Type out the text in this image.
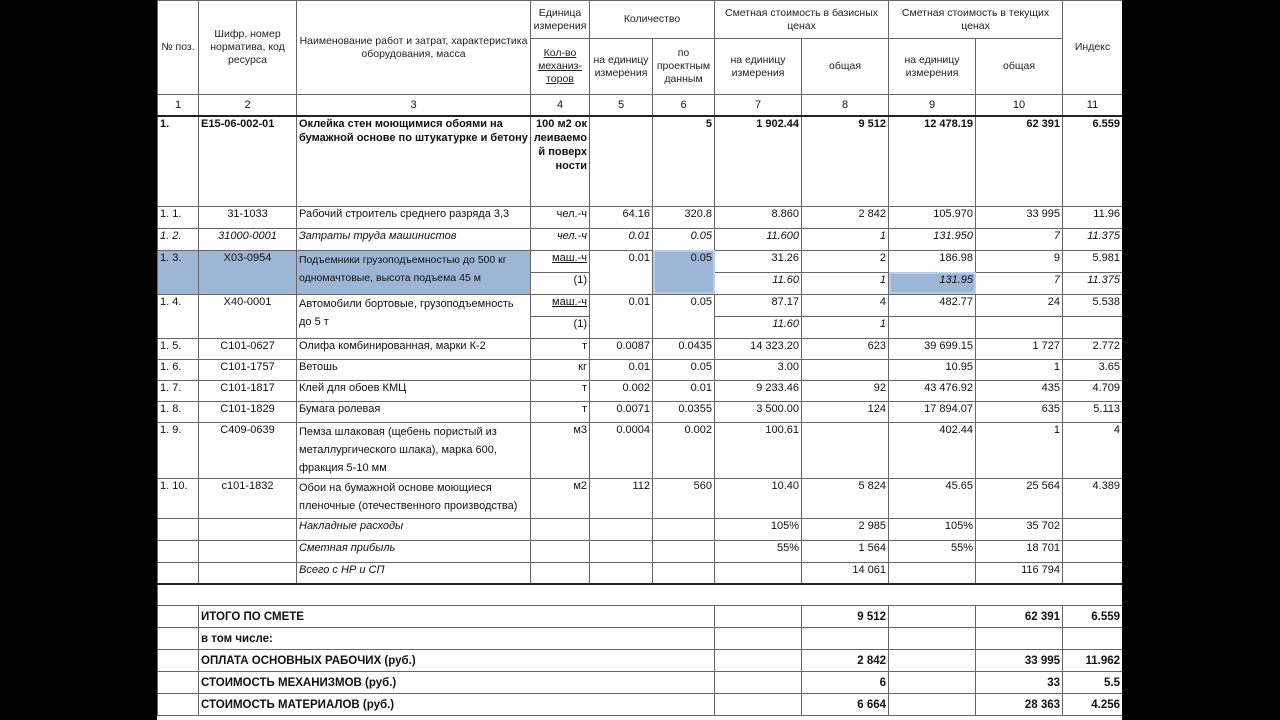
№ поз.	Шифр, номер норматива, код ресурса	Наименование работ и затрат, характеристика оборудования, масса	Единица измерения	Количество		Сметная стоимость в базисных ценах		Сметная стоимость в текущих ценах		Индекс
			Кол-во механиз-торов	на единицу измерения	по проектным данным	на единицу измерения	общая	на единицу измерения	общая	
1	2	3	4	5	6	7	8	9	10	11
1.	Е15-06-002-01	Оклейка стен моющимися обоями на бумажной основе по штукатурке и бетону	100 м2 оклеиваемой поверхности		5	1 902.44	9 512	12 478.19	62 391	6.559
1. 1.	31-1033	Рабочий строитель среднего разряда 3,3	чел.-ч	64.16	320.8	8.860	2 842	105.970	33 995	11.96
1. 2.	31000-0001	Затраты труда машинистов	чел.-ч	0.01	0.05	11.600	1	131.950	7	11.375
1. 3.	Х03-0954	Подъемники грузоподъемностью до 500 кг одномачтовые, высота подъема 45 м	маш.-ч	0.01	0.05	31.26	2	186.98	9	5.981
			(1)			11.60	1	131.95	7	11.375
1. 4.	Х40-0001	Автомобили бортовые, грузоподъемность до 5 т	маш.-ч	0.01	0.05	87.17	4	482.77	24	5.538
			(1)			11.60	1			
1. 5.	С101-0627	Олифа комбинированная, марки К-2	т	0.0087	0.0435	14 323.20	623	39 699.15	1 727	2.772
1. 6.	С101-1757	Ветошь	кг	0.01	0.05	3.00		10.95	1	3.65
1. 7.	С101-1817	Клей для обоев КМЦ	т	0.002	0.01	9 233.46	92	43 476.92	435	4.709
1. 8.	С101-1829	Бумага ролевая	т	0.0071	0.0355	3 500.00	124	17 894.07	635	5.113
1. 9.	С409-0639	Пемза шлаковая (щебень пористый из металлургического шлака), марка 600, фракция 5-10 мм	м3	0.0004	0.002	100.61		402.44	1	4
1. 10.	с101-1832	Обои на бумажной основе моющиеся пленочные (отечественного производства)	м2	112	560	10.40	5 824	45.65	25 564	4.389
		Накладные расходы				105%	2 985	105%	35 702	
		Сметная прибыль				55%	1 564	55%	18 701	
		Всего с НР и СП					14 061		116 794	

	ИТОГО ПО СМЕТЕ						9 512		62 391	6.559
	в том числе:									
	ОПЛАТА ОСНОВНЫХ РАБОЧИХ (руб.)						2 842		33 995	11.962
	СТОИМОСТЬ МЕХАНИЗМОВ (руб.)						6		33	5.5
	СТОИМОСТЬ МАТЕРИАЛОВ (руб.)						6 664		28 363	4.256
